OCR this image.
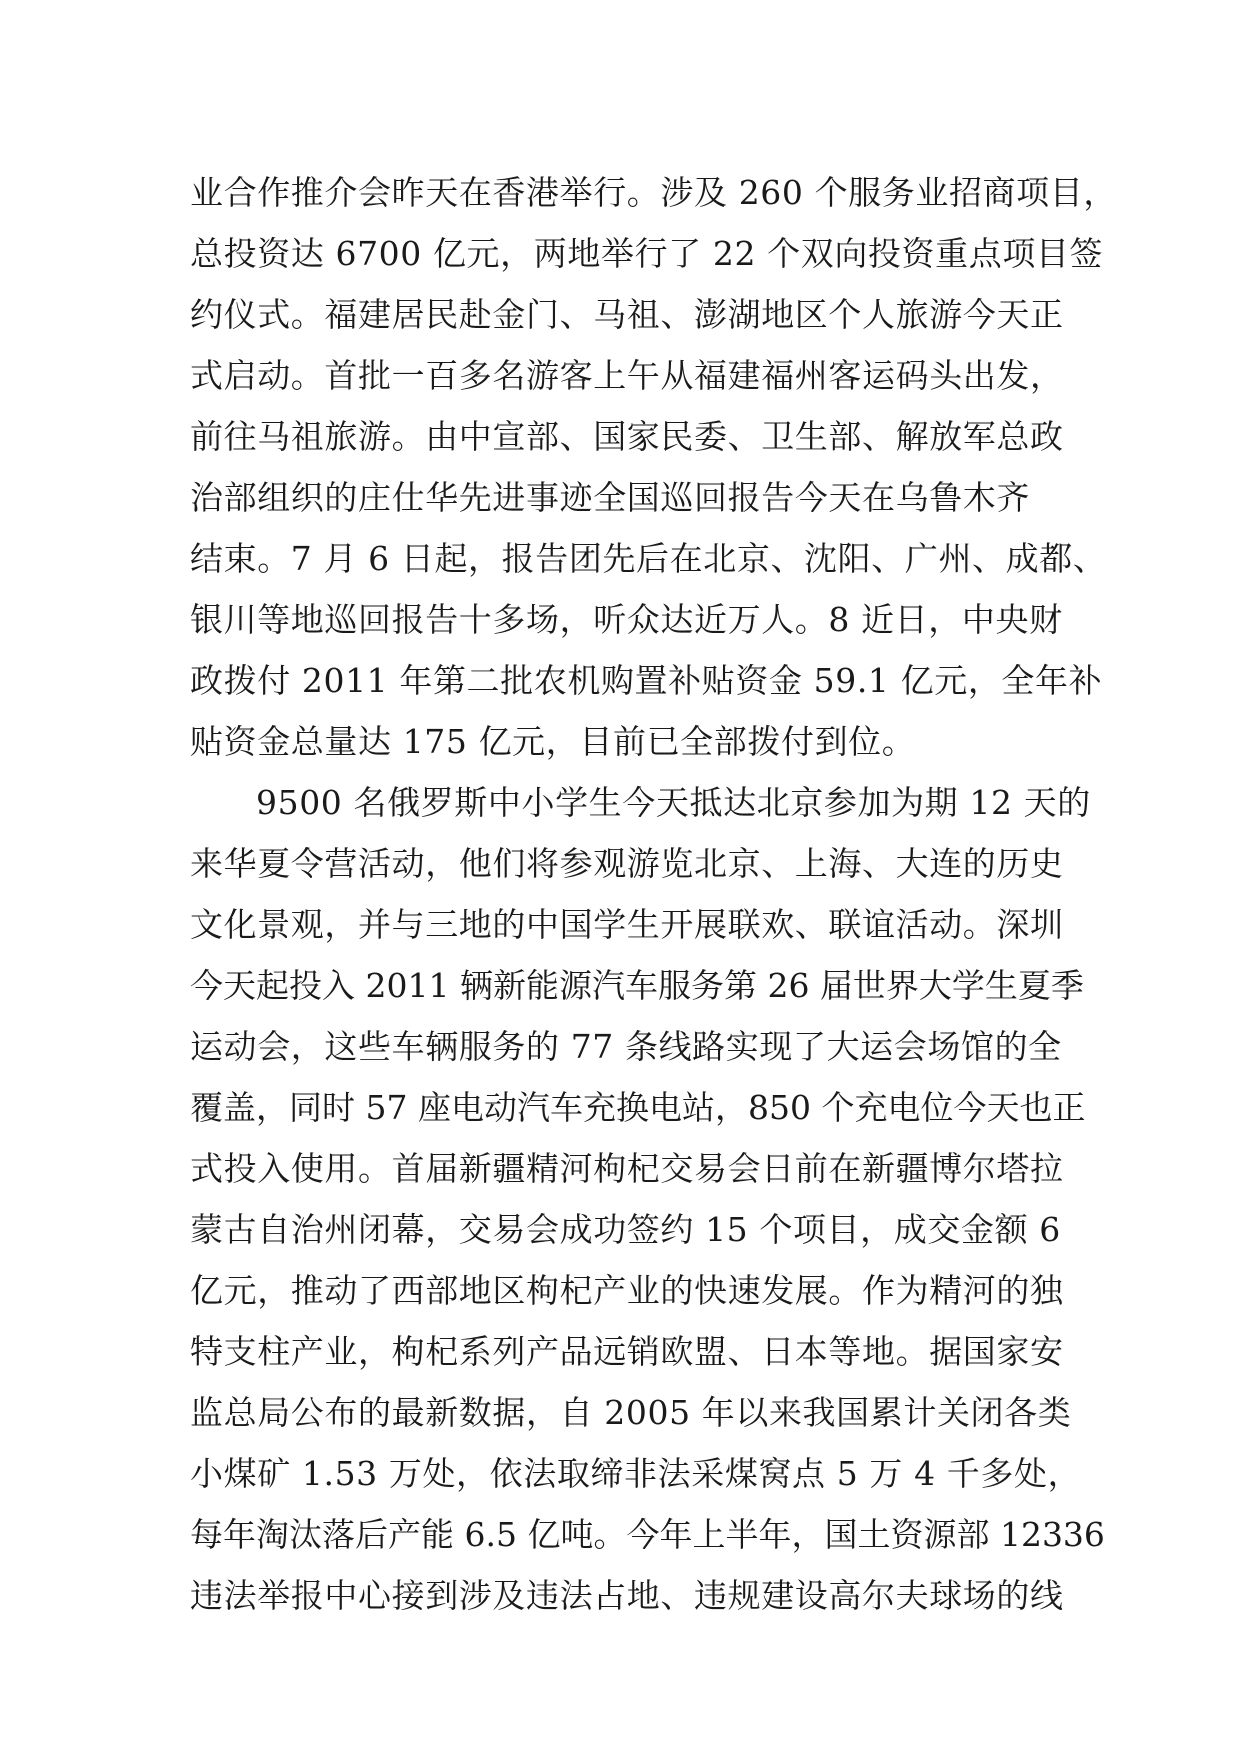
业合作推介会昨天在香港举行。涉及 260 个服务业招商项目，
总投资达 6700 亿元，两地举行了 22 个双向投资重点项目签
约仪式。福建居民赴金门、马祖、澎湖地区个人旅游今天正
式启动。首批一百多名游客上午从福建福州客运码头出发，
前往马祖旅游。由中宣部、国家民委、卫生部、解放军总政
治部组织的庄仕华先进事迹全国巡回报告今天在乌鲁木齐
结束。7 月 6 日起，报告团先后在北京、沈阳、广州、成都、
银川等地巡回报告十多场，听众达近万人。8 近日，中央财
政拨付 2011 年第二批农机购置补贴资金 59.1 亿元，全年补
贴资金总量达 175 亿元，目前已全部拨付到位。
9500 名俄罗斯中小学生今天抵达北京参加为期 12 天的
来华夏令营活动，他们将参观游览北京、上海、大连的历史
文化景观，并与三地的中国学生开展联欢、联谊活动。深圳
今天起投入 2011 辆新能源汽车服务第 26 届世界大学生夏季
运动会，这些车辆服务的 77 条线路实现了大运会场馆的全
覆盖，同时 57 座电动汽车充换电站，850 个充电位今天也正
式投入使用。首届新疆精河枸杞交易会日前在新疆博尔塔拉
蒙古自治州闭幕，交易会成功签约 15 个项目，成交金额 6
亿元，推动了西部地区枸杞产业的快速发展。作为精河的独
特支柱产业，枸杞系列产品远销欧盟、日本等地。据国家安
监总局公布的最新数据，自 2005 年以来我国累计关闭各类
小煤矿 1.53 万处，依法取缔非法采煤窝点 5 万 4 千多处，
每年淘汰落后产能 6.5 亿吨。今年上半年，国土资源部 12336
违法举报中心接到涉及违法占地、违规建设高尔夫球场的线
